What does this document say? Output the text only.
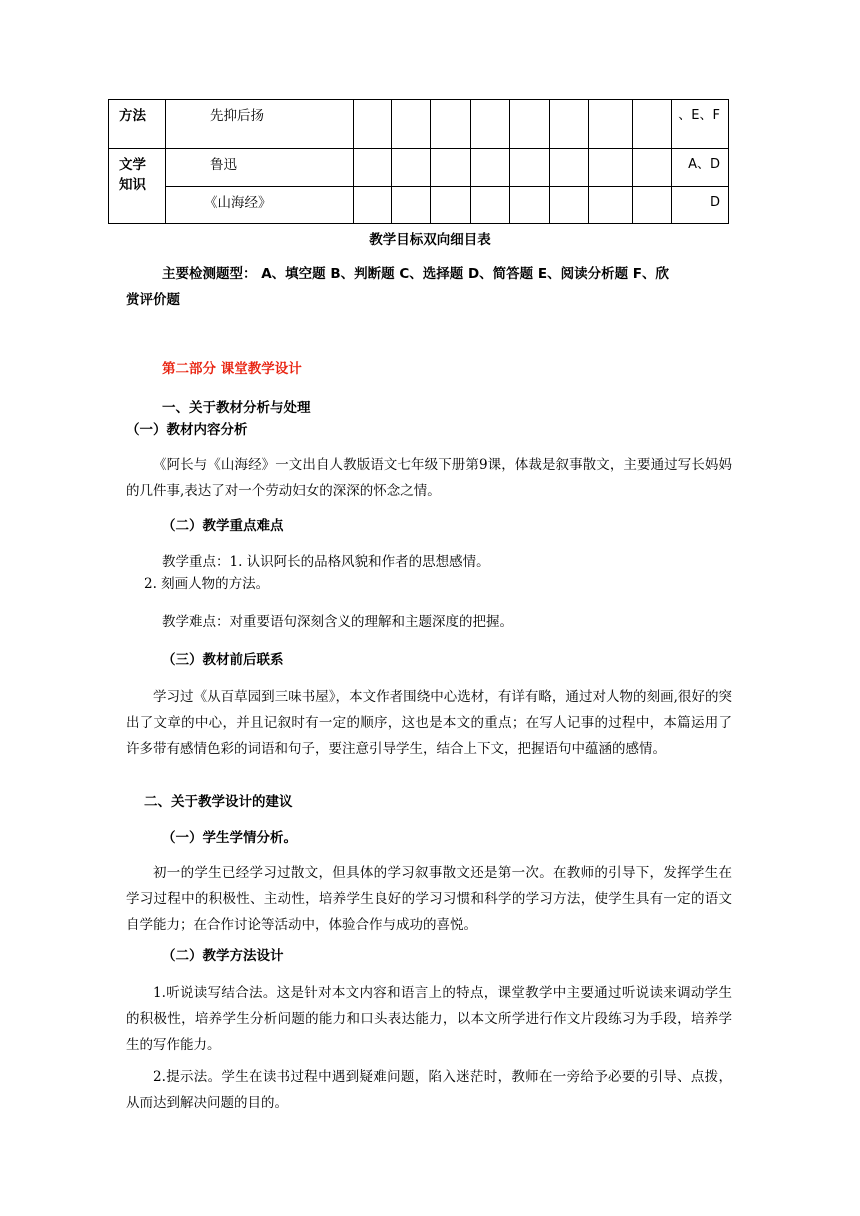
方法	先抑后扬									、E、F
文学知识	鲁迅									A、D
	《山海经》									D
教学目标双向细目表
主要检测题型： A、填空题 B、判断题 C、选择题 D、简答题 E、阅读分析题 F、欣
赏评价题
第二部分 课堂教学设计
一、关于教材分析与处理
（一）教材内容分析
《阿长与《山海经》一文出自人教版语文七年级下册第9课，体裁是叙事散文，主要通过写长妈妈的几件事,表达了对一个劳动妇女的深深的怀念之情。
（二）教学重点难点
教学重点：1. 认识阿长的品格风貌和作者的思想感情。
2. 刻画人物的方法。
教学难点：对重要语句深刻含义的理解和主题深度的把握。
（三）教材前后联系
学习过《从百草园到三味书屋》，本文作者围绕中心选材，有详有略，通过对人物的刻画,很好的突出了文章的中心，并且记叙时有一定的顺序，这也是本文的重点；在写人记事的过程中，本篇运用了许多带有感情色彩的词语和句子，要注意引导学生，结合上下文，把握语句中蕴涵的感情。
二、关于教学设计的建议
（一）学生学情分析。
初一的学生已经学习过散文，但具体的学习叙事散文还是第一次。在教师的引导下，发挥学生在学习过程中的积极性、主动性，培养学生良好的学习习惯和科学的学习方法，使学生具有一定的语文自学能力；在合作讨论等活动中，体验合作与成功的喜悦。
（二）教学方法设计
1.听说读写结合法。这是针对本文内容和语言上的特点，课堂教学中主要通过听说读来调动学生的积极性，培养学生分析问题的能力和口头表达能力，以本文所学进行作文片段练习为手段，培养学生的写作能力。
2.提示法。学生在读书过程中遇到疑难问题，陷入迷茫时，教师在一旁给予必要的引导、点拨，从而达到解决问题的目的。
